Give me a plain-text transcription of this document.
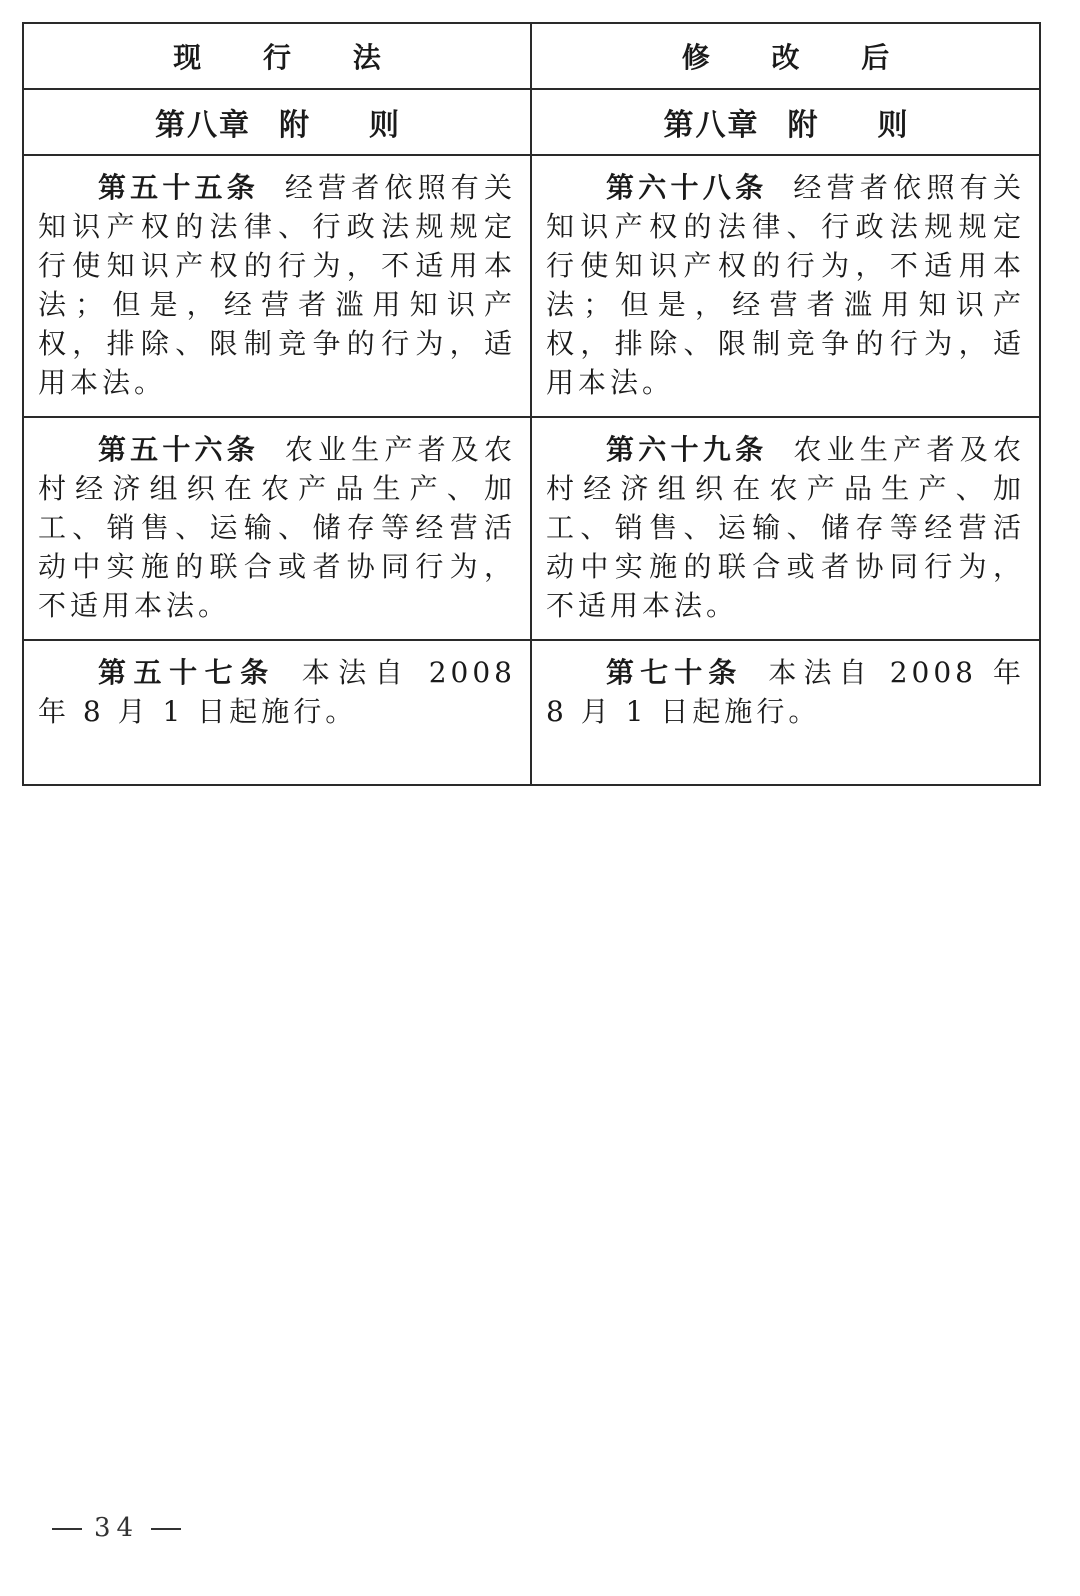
现 行 法	修 改 后
第八章 附 则	第八章 附 则

第五十五条 经营者依照有关知识产权的法律、行政法规规定行使知识产权的行为，不适用本法；但是，经营者滥用知识产权，排除、限制竞争的行为，适用本法。	第六十八条 经营者依照有关知识产权的法律、行政法规规定行使知识产权的行为，不适用本法；但是，经营者滥用知识产权，排除、限制竞争的行为，适用本法。

第五十六条 农业生产者及农村经济组织在农产品生产、加工、销售、运输、储存等经营活动中实施的联合或者协同行为，不适用本法。	第六十九条 农业生产者及农村经济组织在农产品生产、加工、销售、运输、储存等经营活动中实施的联合或者协同行为，不适用本法。

第五十七条 本法自 2008 年 8 月 1 日起施行。	第七十条 本法自 2008 年 8 月 1 日起施行。

34
